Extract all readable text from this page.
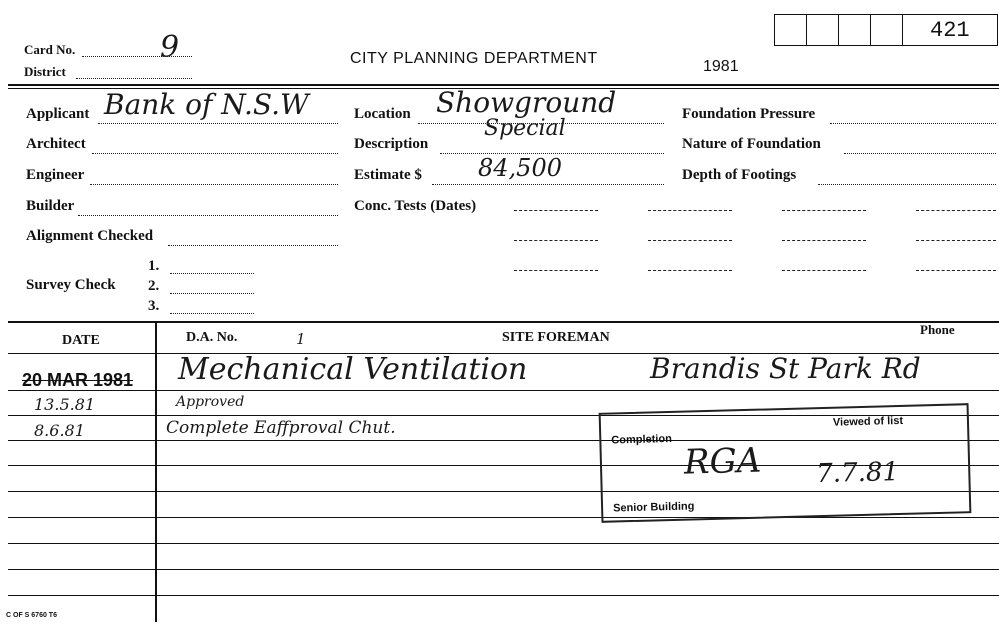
Card No.	9
District
CITY PLANNING DEPARTMENT	1981
421
Applicant Bank of N.S.W
Architect
Engineer
Builder
Alignment Checked
Survey Check
1.
2.
3.
Location Showground
Description
Special
Estimate $ 84,500
Conc. Tests (Dates)
Foundation Pressure
Nature of Foundation
Depth of Footings
DATE	D.A. No.	1	SITE FOREMAN
Phone
20 MAR 1981 Mechanical Ventilation	Brandis St Park Rd
13.5.81	Approved
8.6.81	Complete Eaffproval Chut.
Completion
Viewed of list
RGA 7.7.81
Senior Building
C OF S 6760 T6
